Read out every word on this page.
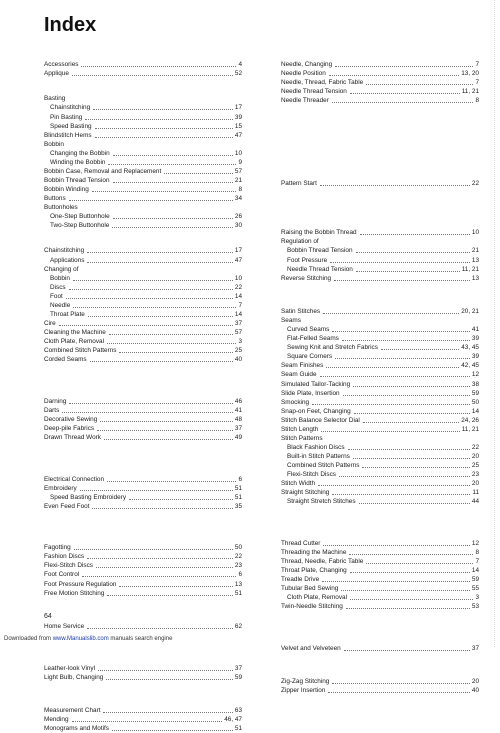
Index
Accessories	4
Applique	52
Basting
Chainstitching	17
Pin Basting	39
Speed Basting	15
Blindstitch Hems	47
Bobbin
Changing the Bobbin	10
Winding the Bobbin	9
Bobbin Case, Removal and Replacement	57
Bobbin Thread Tension	21
Bobbin Winding	8
Buttons	34
Buttonholes
One-Step Buttonhole	26
Two-Step Buttonhole	30
Chainstitching	17
Applications	47
Changing of
Bobbin	10
Discs	22
Foot	14
Needle	7
Throat Plate	14
Cire	37
Cleaning the Machine	57
Cloth Plate, Removal	3
Combined Stitch Patterns	25
Corded Seams	40
Darning	46
Darts	41
Decorative Sewing	48
Deep-pile Fabrics	37
Drawn Thread Work	49
Electrical Connection	6
Embroidery	51
Speed Basting Embroidery	51
Even Feed Foot	35
Fagotting	50
Fashion Discs	22
Flexi-Stitch Discs	23
Foot Control	6
Foot Pressure Regulation	13
Free Motion Stitching	51
Home Service	62
Leather-look Vinyl	37
Light Bulb, Changing	59
Measurement Chart	63
Mending	46, 47
Monograms and Motifs	51
Needle, Changing	7
Needle Position	13, 20
Needle, Thread, Fabric Table	7
Needle Thread Tension	11, 21
Needle Threader	8
Pattern Start	22
Raising the Bobbin Thread	10
Regulation of
Bobbin Thread Tension	21
Foot Pressure	13
Needle Thread Tension	11, 21
Reverse Stitching	13
Satin Stitches	20, 21
Seams
Curved Seams	41
Flat-Felled Seams	39
Sewing Knit and Stretch Fabrics	43, 45
Square Corners	39
Seam Finishes	42, 45
Seam Guide	12
Simulated Tailor-Tacking	38
Slide Plate, Insertion	59
Smocking	50
Snap-on Feet, Changing	14
Stitch Balance Selector Dial	24, 26
Stitch Length	11, 21
Stitch Patterns
Black Fashion Discs	22
Built-in Stitch Patterns	20
Combined Stitch Patterns	25
Flexi-Stitch Discs	23
Stitch Width	20
Straight Stitching	11
Straight Stretch Stitches	44
Thread Cutter	12
Threading the Machine	8
Thread, Needle, Fabric Table	7
Throat Plate, Changing	14
Treadle Drive	59
Tubular Bed Sewing	55
Cloth Plate, Removal	3
Twin-Needle Stitching	53
Velvet and Velveteen	37
Zig-Zag Stitching	20
Zipper Insertion	40
64
Downloaded from www.Manualslib.com manuals search engine
